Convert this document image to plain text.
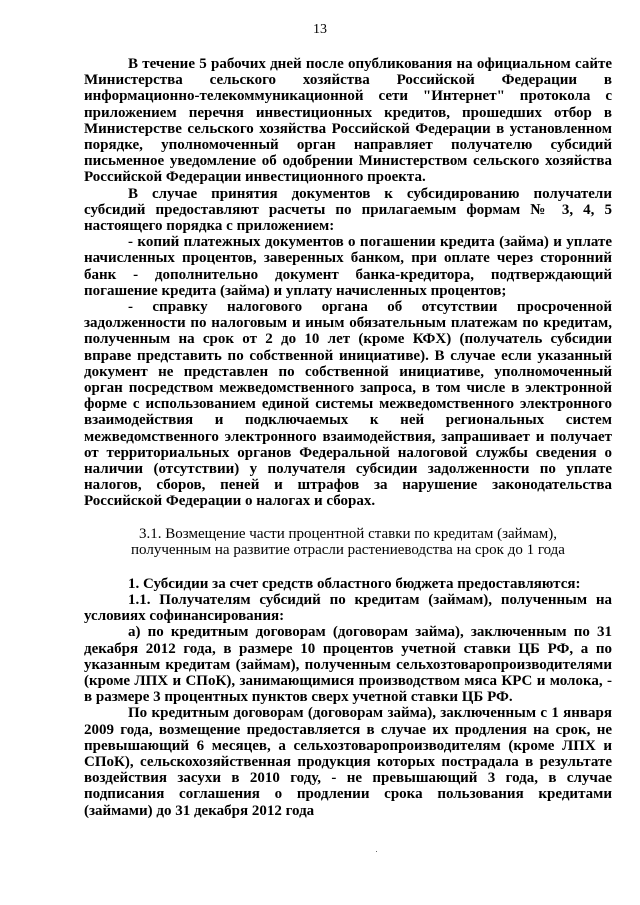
13

В течение 5 рабочих дней после опубликования на официальном сайте Министерства сельского хозяйства Российской Федерации в информационно-телекоммуникационной сети "Интернет" протокола с приложением перечня инвестиционных кредитов, прошедших отбор в Министерстве сельского хозяйства Российской Федерации в установленном порядке, уполномоченный орган направляет получателю субсидий письменное уведомление об одобрении Министерством сельского хозяйства Российской Федерации инвестиционного проекта.

В случае принятия документов к субсидированию получатели субсидий предоставляют расчеты по прилагаемым формам № 3, 4, 5 настоящего порядка с приложением:

- копий платежных документов о погашении кредита (займа) и уплате начисленных процентов, заверенных банком, при оплате через сторонний банк - дополнительно документ банка-кредитора, подтверждающий погашение кредита (займа) и уплату начисленных процентов;

- справку налогового органа об отсутствии просроченной задолженности по налоговым и иным обязательным платежам по кредитам, полученным на срок от 2 до 10 лет (кроме КФХ) (получатель субсидии вправе представить по собственной инициативе). В случае если указанный документ не представлен по собственной инициативе, уполномоченный орган посредством межведомственного запроса, в том числе в электронной форме с использованием единой системы межведомственного электронного взаимодействия и подключаемых к ней региональных систем межведомственного электронного взаимодействия, запрашивает и получает от территориальных органов Федеральной налоговой службы сведения о наличии (отсутствии) у получателя субсидии задолженности по уплате налогов, сборов, пеней и штрафов за нарушение законодательства Российской Федерации о налогах и сборах.

3.1. Возмещение части процентной ставки по кредитам (займам),
полученным на развитие отрасли растениеводства на срок до 1 года

1. Субсидии за счет средств областного бюджета предоставляются:

1.1. Получателям субсидий по кредитам (займам), полученным на условиях софинансирования:

а) по кредитным договорам (договорам займа), заключенным по 31 декабря 2012 года, в размере 10 процентов учетной ставки ЦБ РФ, а по указанным кредитам (займам), полученным сельхозтоваропроизводителями (кроме ЛПХ и СПоК), занимающимися производством мяса КРС и молока, - в размере 3 процентных пунктов сверх учетной ставки ЦБ РФ.

По кредитным договорам (договорам займа), заключенным с 1 января 2009 года, возмещение предоставляется в случае их продления на срок, не превышающий 6 месяцев, а сельхозтоваропроизводителям (кроме ЛПХ и СПоК), сельскохозяйственная продукция которых пострадала в результате воздействия засухи в 2010 году, - не превышающий 3 года, в случае подписания соглашения о продлении срока пользования кредитами (займами) до 31 декабря 2012 года
